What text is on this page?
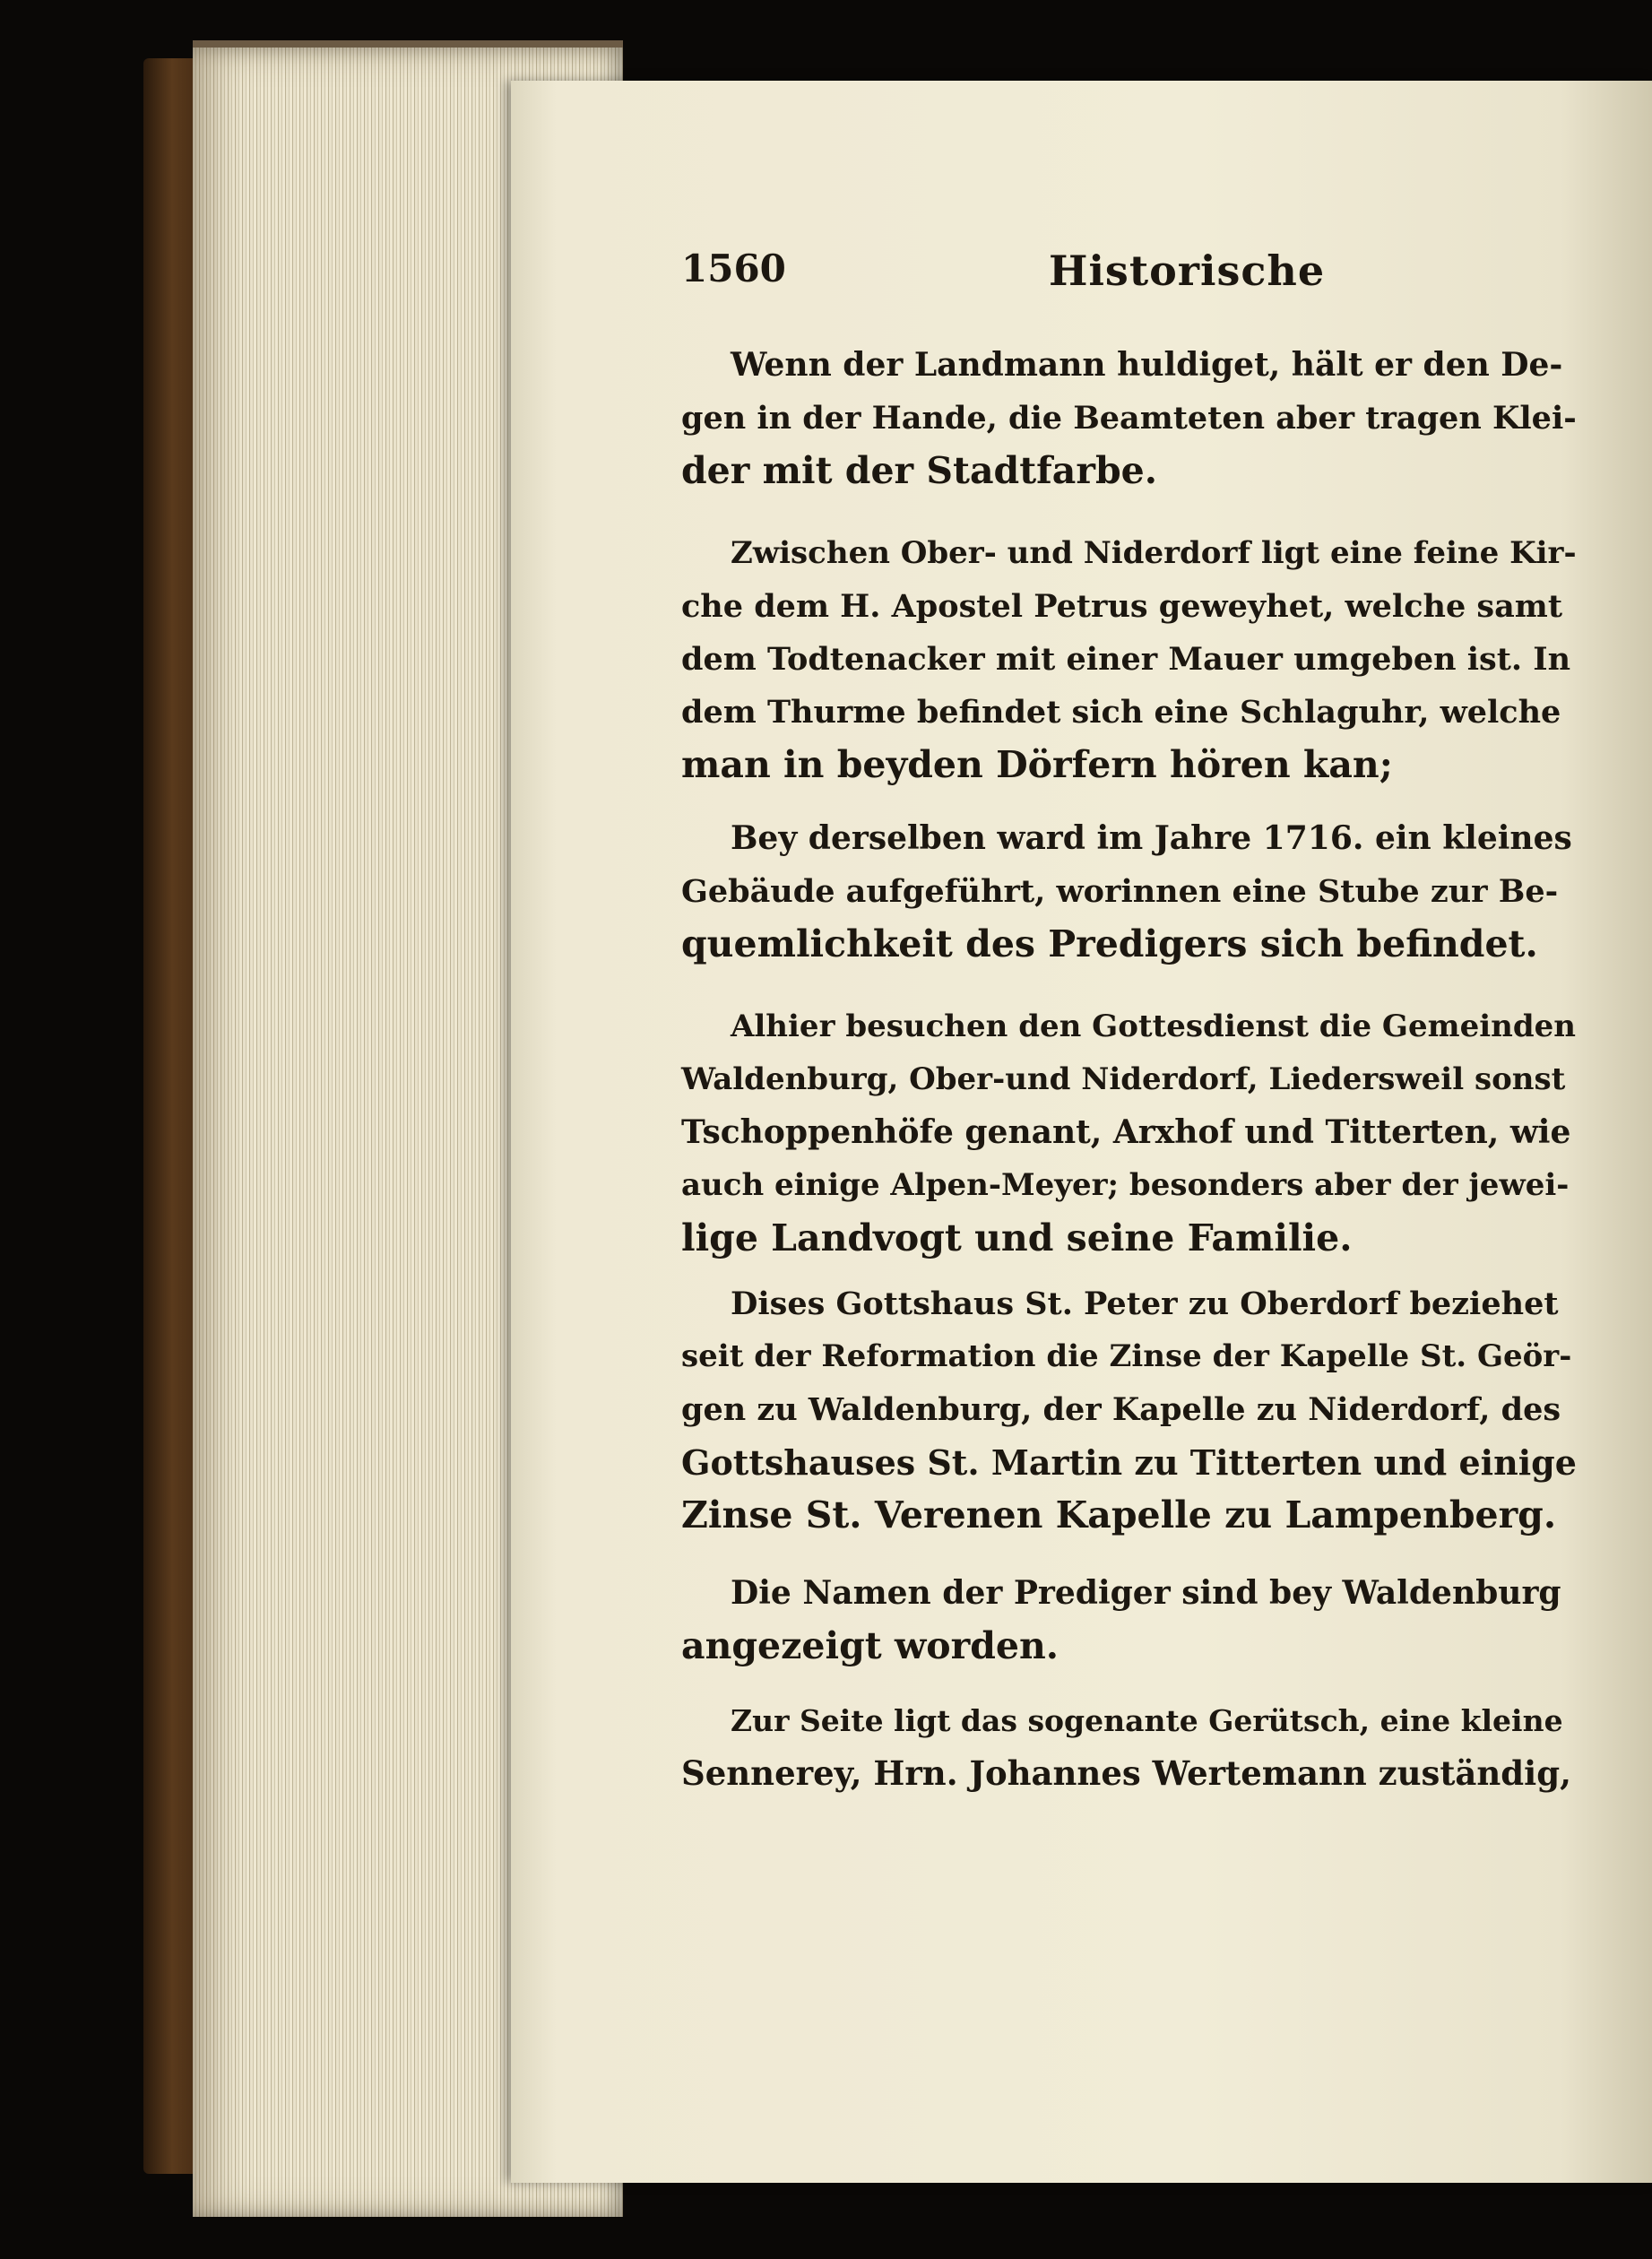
1560	Historische

Wenn der Landmann huldiget, hält er den De-
gen in der Hande, die Beamteten aber tragen Klei-
der mit der Stadtfarbe.

Zwischen Ober- und Niderdorf ligt eine feine Kir-
che dem H. Apostel Petrus geweyhet, welche samt
dem Todtenacker mit einer Mauer umgeben ist. In
dem Thurme befindet sich eine Schlaguhr, welche
man in beyden Dörfern hören kan;

Bey derselben ward im Jahre 1716. ein kleines
Gebäude aufgeführt, worinnen eine Stube zur Be-
quemlichkeit des Predigers sich befindet.

Alhier besuchen den Gottesdienst die Gemeinden
Waldenburg, Ober-und Niderdorf, Liedersweil sonst
Tschoppenhöfe genant, Arxhof und Titterten, wie
auch einige Alpen-Meyer; besonders aber der jewei-
lige Landvogt und seine Familie.

Dises Gottshaus St. Peter zu Oberdorf beziehet
seit der Reformation die Zinse der Kapelle St. Geör-
gen zu Waldenburg, der Kapelle zu Niderdorf, des
Gottshauses St. Martin zu Titterten und einige
Zinse St. Verenen Kapelle zu Lampenberg.

Die Namen der Prediger sind bey Waldenburg
angezeigt worden.

Zur Seite ligt das sogenante Gerütsch, eine kleine
Sennerey, Hrn. Johannes Wertemann zuständig,
